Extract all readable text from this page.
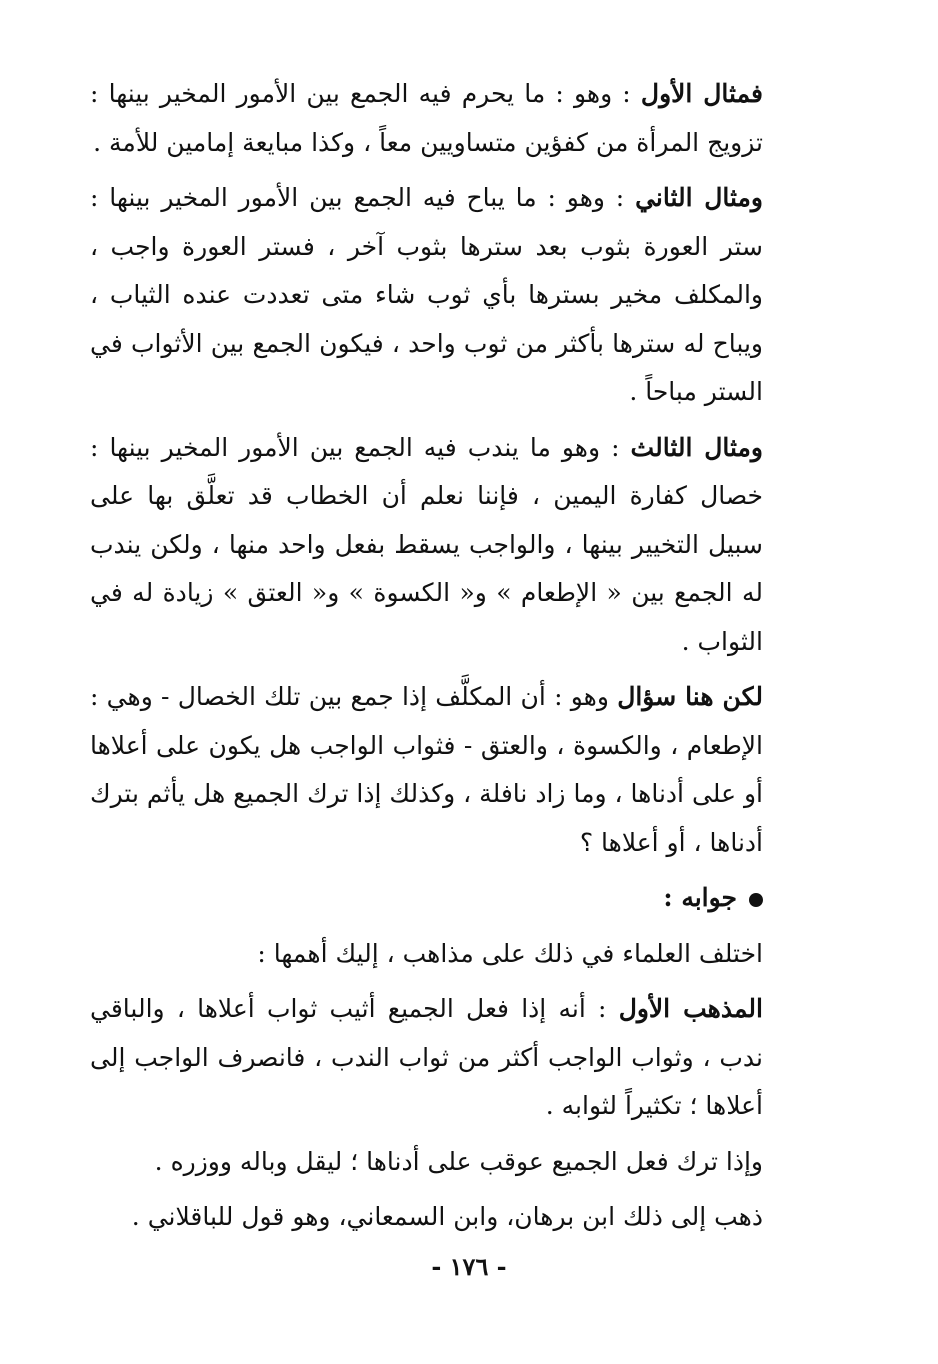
فمثال الأول : وهو : ما يحرم فيه الجمع بين الأمور المخير بينها : تزويج المرأة من كفؤين متساويين معاً ، وكذا مبايعة إمامين للأمة .

ومثال الثاني : وهو : ما يباح فيه الجمع بين الأمور المخير بينها : ستر العورة بثوب بعد سترها بثوب آخر ، فستر العورة واجب ، والمكلف مخير بسترها بأي ثوب شاء متى تعددت عنده الثياب ، ويباح له سترها بأكثر من ثوب واحد ، فيكون الجمع بين الأثواب في الستر مباحاً .

ومثال الثالث : وهو ما يندب فيه الجمع بين الأمور المخير بينها : خصال كفارة اليمين ، فإننا نعلم أن الخطاب قد تعلَّق بها على سبيل التخيير بينها ، والواجب يسقط بفعل واحد منها ، ولكن يندب له الجمع بين « الإطعام » و« الكسوة » و« العتق » زيادة له في الثواب .

لكن هنا سؤال وهو : أن المكلَّف إذا جمع بين تلك الخصال - وهي : الإطعام ، والكسوة ، والعتق - فثواب الواجب هل يكون على أعلاها أو على أدناها ، وما زاد نافلة ، وكذلك إذا ترك الجميع هل يأثم بترك أدناها ، أو أعلاها ؟

جوابه :

اختلف العلماء في ذلك على مذاهب ، إليك أهمها :

المذهب الأول : أنه إذا فعل الجميع أثيب ثواب أعلاها ، والباقي ندب ، وثواب الواجب أكثر من ثواب الندب ، فانصرف الواجب إلى أعلاها ؛ تكثيراً لثوابه .

وإذا ترك فعل الجميع عوقب على أدناها ؛ ليقل وباله ووزره .

ذهب إلى ذلك ابن برهان، وابن السمعاني، وهو قول للباقلاني .

- ١٧٦ -
